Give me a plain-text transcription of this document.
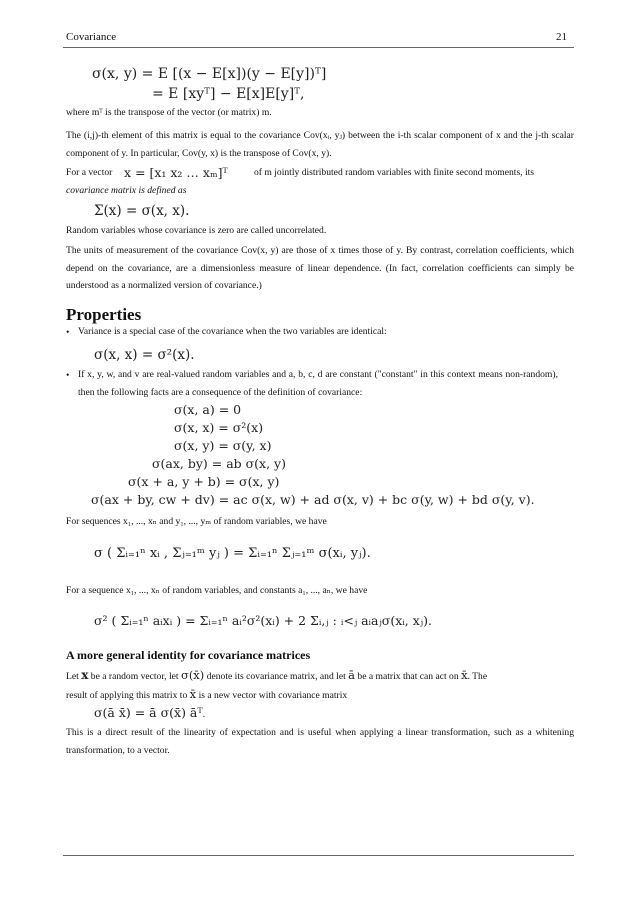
Covariance	21
σ(x, y) = E [(x − E[x])(y − E[y])ᵀ]
= E [xyᵀ] − E[x]E[y]ᵀ,
where mᵀ is the transpose of the vector (or matrix) m.
The (i,j)-th element of this matrix is equal to the covariance Cov(xᵢ, yⱼ) between the i-th scalar component of x and the j-th scalar component of y. In particular, Cov(y, x) is the transpose of Cov(x, y).
For a vector x = [x₁ x₂ … xₘ]ᵀ	of m jointly distributed random variables with finite second moments, its
covariance matrix is defined as
Σ(x) = σ(x, x).
Random variables whose covariance is zero are called uncorrelated.
The units of measurement of the covariance Cov(x, y) are those of x times those of y. By contrast, correlation coefficients, which depend on the covariance, are a dimensionless measure of linear dependence. (In fact, correlation coefficients can simply be understood as a normalized version of covariance.)
Properties
• Variance is a special case of the covariance when the two variables are identical:
σ(x, x) = σ²(x).
• If x, y, w, and v are real-valued random variables and a, b, c, d are constant ("constant" in this context means non-random), then the following facts are a consequence of the definition of covariance:
σ(x, a) = 0
σ(x, x) = σ²(x)
σ(x, y) = σ(y, x)
σ(ax, by) = ab σ(x, y)
σ(x + a, y + b) = σ(x, y)
σ(ax + by, cw + dv) = ac σ(x, w) + ad σ(x, v) + bc σ(y, w) + bd σ(y, v).
For sequences x₁, ..., xₙ and y₁, ..., yₘ of random variables, we have
σ ( Σᵢ₌₁ⁿ xᵢ , Σⱼ₌₁ᵐ yⱼ ) = Σᵢ₌₁ⁿ Σⱼ₌₁ᵐ σ(xᵢ, yⱼ).
For a sequence x₁, ..., xₙ of random variables, and constants a₁, ..., aₙ, we have
σ² ( Σᵢ₌₁ⁿ aᵢxᵢ ) = Σᵢ₌₁ⁿ aᵢ²σ²(xᵢ) + 2 Σᵢ,ⱼ : ᵢ<ⱼ aᵢaⱼσ(xᵢ, xⱼ).
A more general identity for covariance matrices
Let x be a random vector, let σ(x̄) denote its covariance matrix, and let ā be a matrix that can act on x̄. The
result of applying this matrix to x̄ is a new vector with covariance matrix
σ(ā x̄) = ā σ(x̄) āᵀ.
This is a direct result of the linearity of expectation and is useful when applying a linear transformation, such as a whitening transformation, to a vector.
